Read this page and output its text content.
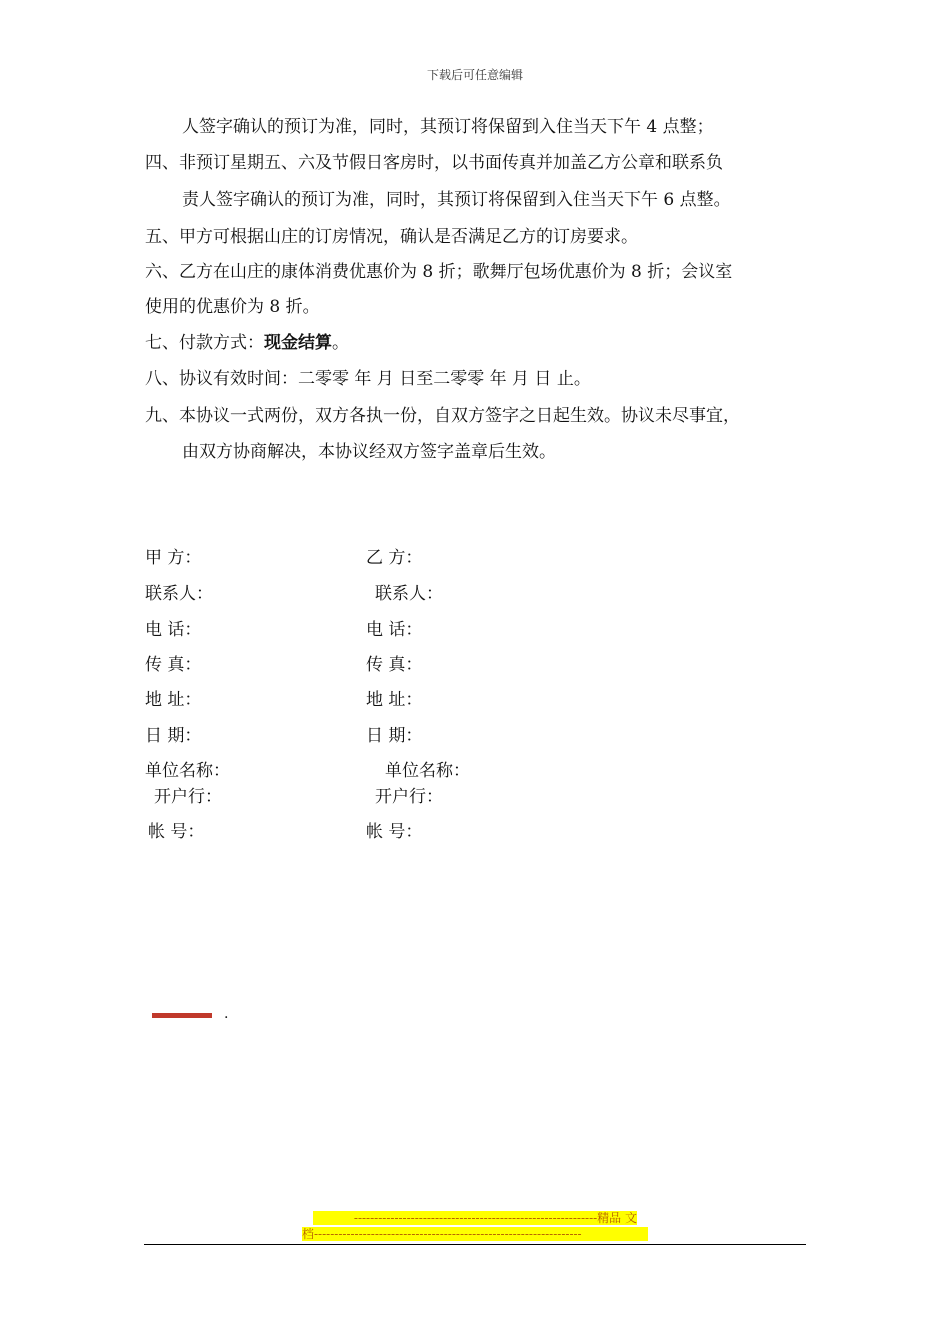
下载后可任意编辑
人签字确认的预订为准，同时，其预订将保留到入住当天下午 4 点整；
四、非预订星期五、六及节假日客房时，以书面传真并加盖乙方公章和联系负
责人签字确认的预订为准，同时，其预订将保留到入住当天下午 6 点整。
五、甲方可根据山庄的订房情况，确认是否满足乙方的订房要求。
六、乙方在山庄的康体消费优惠价为 8 折；歌舞厅包场优惠价为 8 折；会议室
使用的优惠价为 8 折。
七、付款方式：现金结算。
八、协议有效时间：二零零 年 月 日至二零零 年 月 日 止。
九、本协议一式两份，双方各执一份，自双方签字之日起生效。协议未尽事宜，
由双方协商解决，本协议经双方签字盖章后生效。
甲 方：
联系人：
电 话：
传 真：
地 址：
日 期：
单位名称：
开户行：
帐 号：
乙 方：
联系人：
电 话：
传 真：
地 址：
日 期：
单位名称：
开户行：
帐 号：
.
------------------------------------------------------------精品 文
档------------------------------------------------------------------
